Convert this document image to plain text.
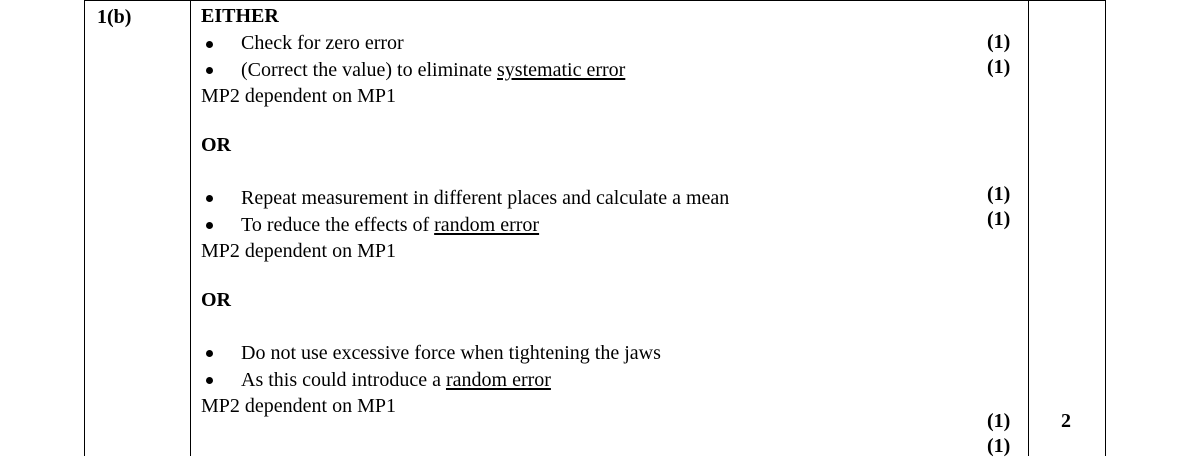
1(b)	EITHER
Check for zero error
(Correct the value) to eliminate systematic error
MP2 dependent on MP1
(1)
(1)
OR
Repeat measurement in different places and calculate a mean
To reduce the effects of random error
MP2 dependent on MP1
(1)
(1)
OR
Do not use excessive force when tightening the jaws
As this could introduce a random error
MP2 dependent on MP1
(1)
(1)
2
